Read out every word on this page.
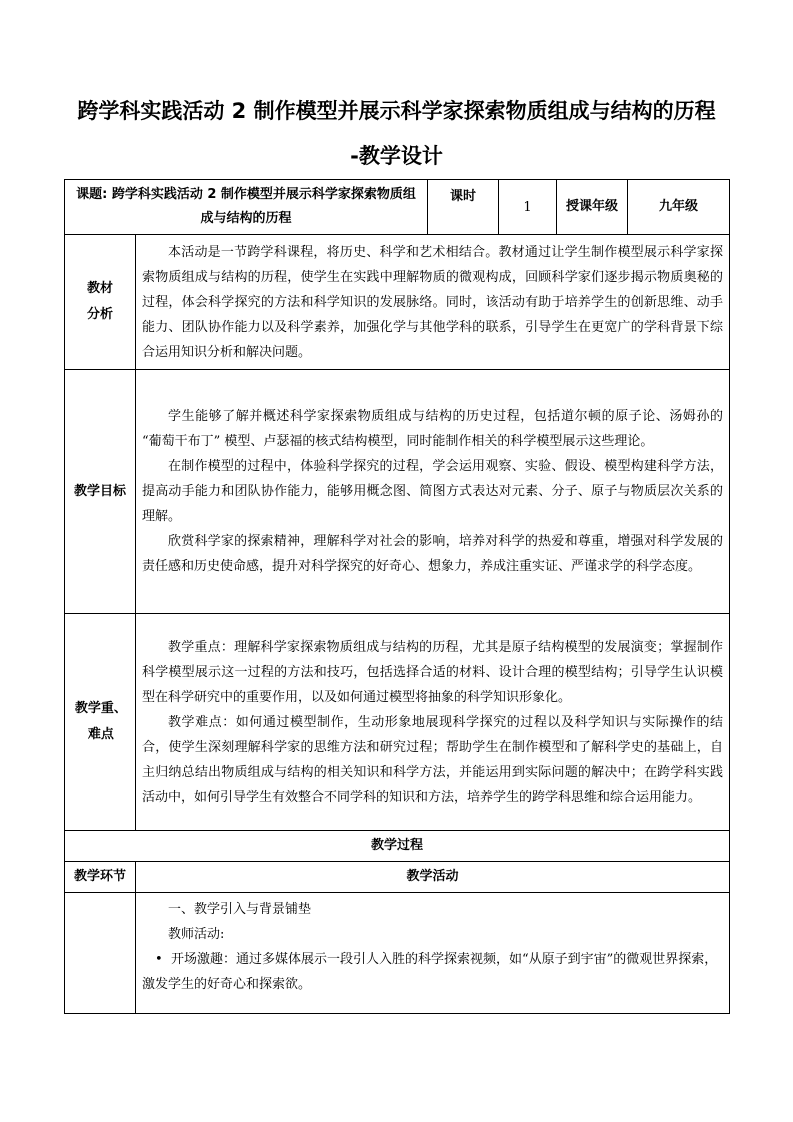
跨学科实践活动 2 制作模型并展示科学家探索物质组成与结构的历程
-教学设计
课题: 跨学科实践活动 2 制作模型并展示科学家探索物质组成与结构的历程		课时	1	授课年级	九年级

教材分析	本活动是一节跨学科课程，将历史、科学和艺术相结合。教材通过让学生制作模型展示科学家探索物质组成与结构的历程，使学生在实践中理解物质的微观构成，回顾科学家们逐步揭示物质奥秘的过程，体会科学探究的方法和科学知识的发展脉络。同时，该活动有助于培养学生的创新思维、动手能力、团队协作能力以及科学素养，加强化学与其他学科的联系，引导学生在更宽广的学科背景下综合运用知识分析和解决问题。				

教学目标	学生能够了解并概述科学家探索物质组成与结构的历史过程，包括道尔顿的原子论、汤姆孙的 “葡萄干布丁” 模型、卢瑟福的核式结构模型，同时能制作相关的科学模型展示这些理论。

在制作模型的过程中，体验科学探究的过程，学会运用观察、实验、假设、模型构建科学方法，提高动手能力和团队协作能力，能够用概念图、简图方式表达对元素、分子、原子与物质层次关系的理解。

欣赏科学家的探索精神，理解科学对社会的影响，培养对科学的热爱和尊重，增强对科学发展的责任感和历史使命感，提升对科学探究的好奇心、想象力，养成注重实证、严谨求学的科学态度。				

教学重、难点	教学重点：理解科学家探索物质组成与结构的历程，尤其是原子结构模型的发展演变；掌握制作科学模型展示这一过程的方法和技巧，包括选择合适的材料、设计合理的模型结构；引导学生认识模型在科学研究中的重要作用，以及如何通过模型将抽象的科学知识形象化。

教学难点：如何通过模型制作，生动形象地展现科学探究的过程以及科学知识与实际操作的结合，使学生深刻理解科学家的思维方法和研究过程；帮助学生在制作模型和了解科学史的基础上，自主归纳总结出物质组成与结构的相关知识和科学方法，并能运用到实际问题的解决中；在跨学科实践活动中，如何引导学生有效整合不同学科的知识和方法，培养学生的跨学科思维和综合运用能力。				

教学过程					
教学环节	教学活动				

	一、教学引入与背景铺垫

教师活动:

•  开场激趣：通过多媒体展示一段引人入胜的科学探索视频，如“从原子到宇宙”的微观世界探索，激发学生的好奇心和探索欲。				
